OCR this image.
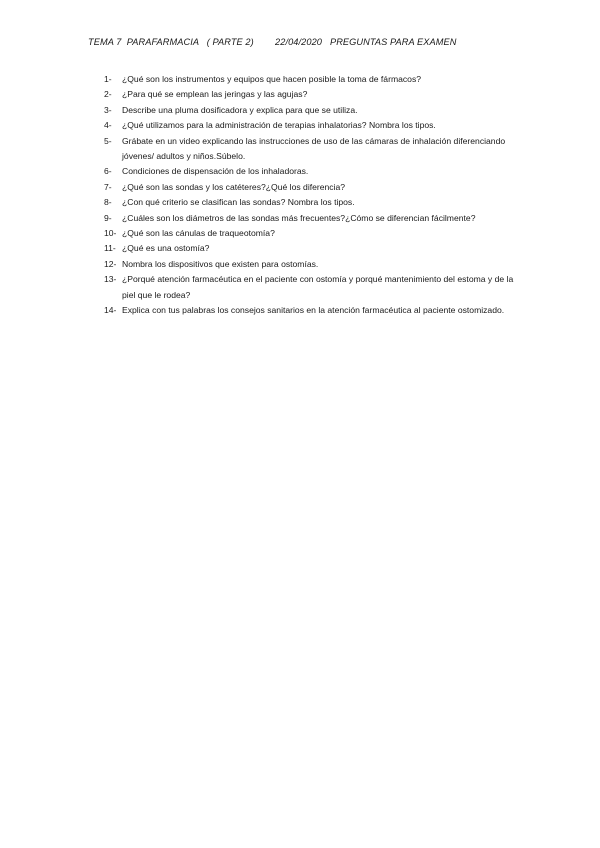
TEMA 7  PARAFARMACIA   ( PARTE 2)        22/04/2020   PREGUNTAS PARA EXAMEN
1- ¿Qué son los instrumentos y equipos que hacen posible la toma de fármacos?
2- ¿Para qué se emplean las jeringas y las agujas?
3- Describe una pluma dosificadora y explica para que se utiliza.
4- ¿Qué utilizamos para la administración de terapias inhalatorias? Nombra los tipos.
5- Grábate en un video explicando las instrucciones de uso de las cámaras de inhalación diferenciando jóvenes/ adultos y niños.Súbelo.
6- Condiciones de dispensación de los inhaladoras.
7- ¿Qué son las sondas y los catéteres?¿Qué los diferencia?
8- ¿Con qué criterio se clasifican las sondas? Nombra los tipos.
9- ¿Cuáles son los diámetros de las sondas más frecuentes?¿Cómo se diferencian fácilmente?
10- ¿Qué son las cánulas de traqueotomía?
11- ¿Qué es una ostomía?
12- Nombra los dispositivos que existen para ostomías.
13- ¿Porqué atención farmacéutica en el paciente con ostomía y porqué mantenimiento del estoma y de la piel que le rodea?
14- Explica con tus palabras los consejos sanitarios en la atención farmacéutica al paciente ostomizado.
